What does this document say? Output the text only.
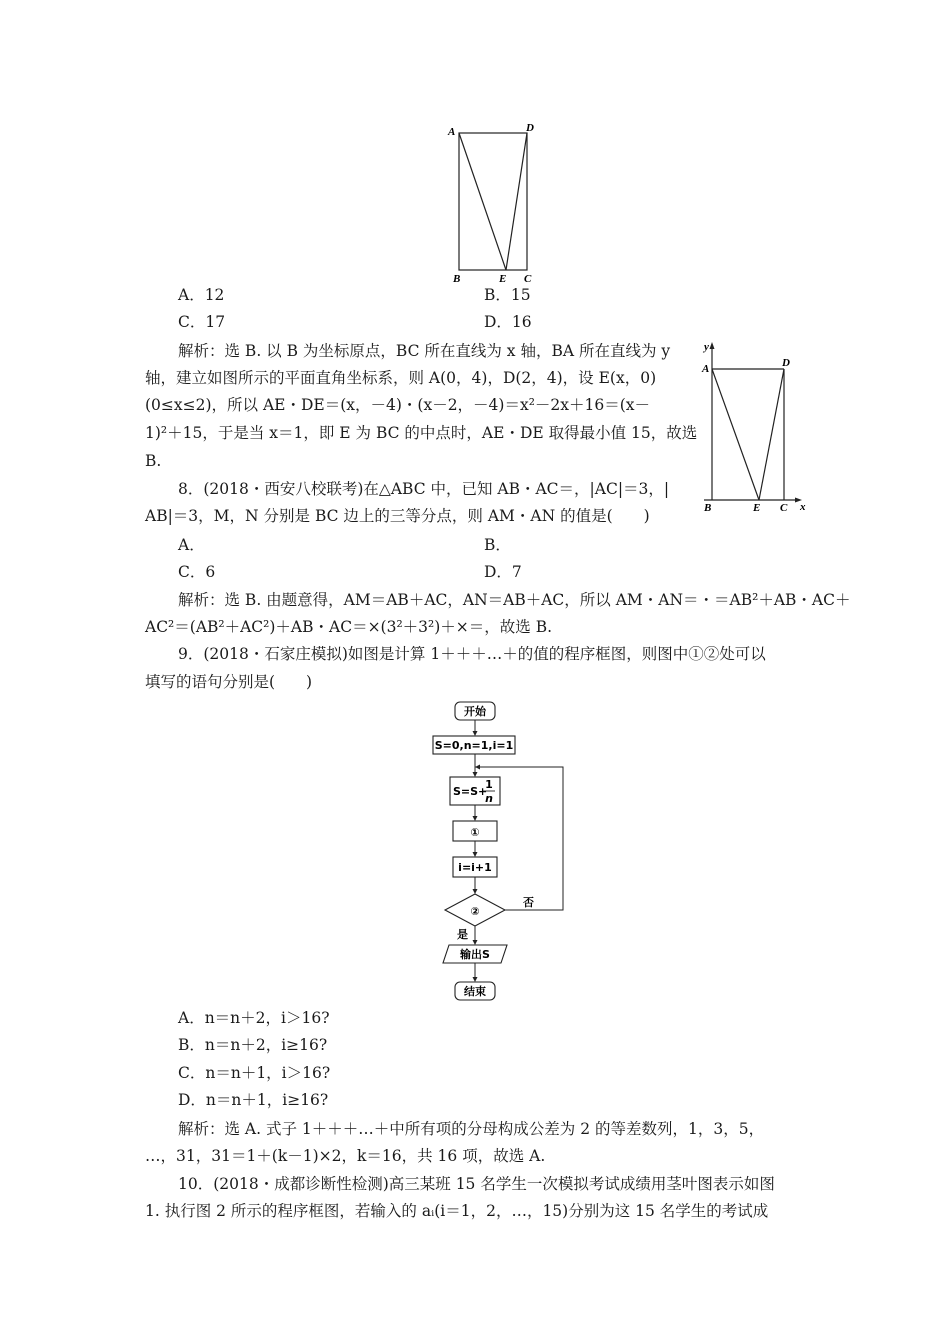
A	D
B	E C
A．12	B．15
C．17	D．16
解析：选 B. 以 B 为坐标原点，BC 所在直线为 x 轴，BA 所在直线为 y
轴，建立如图所示的平面直角坐标系，则 A(0，4)，D(2，4)，设 E(x，0)
(0≤x≤2)，所以 AE・DE＝(x，－4)・(x－2，－4)＝x²－2x＋16＝(x－
1)²＋15，于是当 x＝1，即 E 为 BC 的中点时，AE・DE 取得最小值 15，故选
B.
y
x
A	D
B	E C
8．(2018・西安八校联考)在△ABC 中，已知 AB・AC＝，|AC|＝3，|
AB|＝3，M，N 分别是 BC 边上的三等分点，则 AM・AN 的值是(　　)
A．	B．
C．6	D．7
解析：选 B. 由题意得，AM＝AB＋AC，AN＝AB＋AC，所以 AM・AN＝・＝AB²＋AB・AC＋
AC²＝(AB²＋AC²)＋AB・AC＝×(3²＋3²)＋×＝，故选 B.
9．(2018・石家庄模拟)如图是计算 1＋＋＋…＋的值的程序框图，则图中①②处可以
填写的语句分别是(　　)
开始
S=0,n=1,i=1
S=S+
1
n
①
i=i+1
②
否
是
输出S
结束
A．n＝n＋2，i＞16?
B．n＝n＋2，i≥16?
C．n＝n＋1，i＞16?
D．n＝n＋1，i≥16?
解析：选 A. 式子 1＋＋＋…＋中所有项的分母构成公差为 2 的等差数列，1，3，5，
…，31，31＝1＋(k－1)×2，k＝16，共 16 项，故选 A.
10．(2018・成都诊断性检测)高三某班 15 名学生一次模拟考试成绩用茎叶图表示如图
1. 执行图 2 所示的程序框图，若输入的 aᵢ(i＝1，2，…，15)分别为这 15 名学生的考试成
